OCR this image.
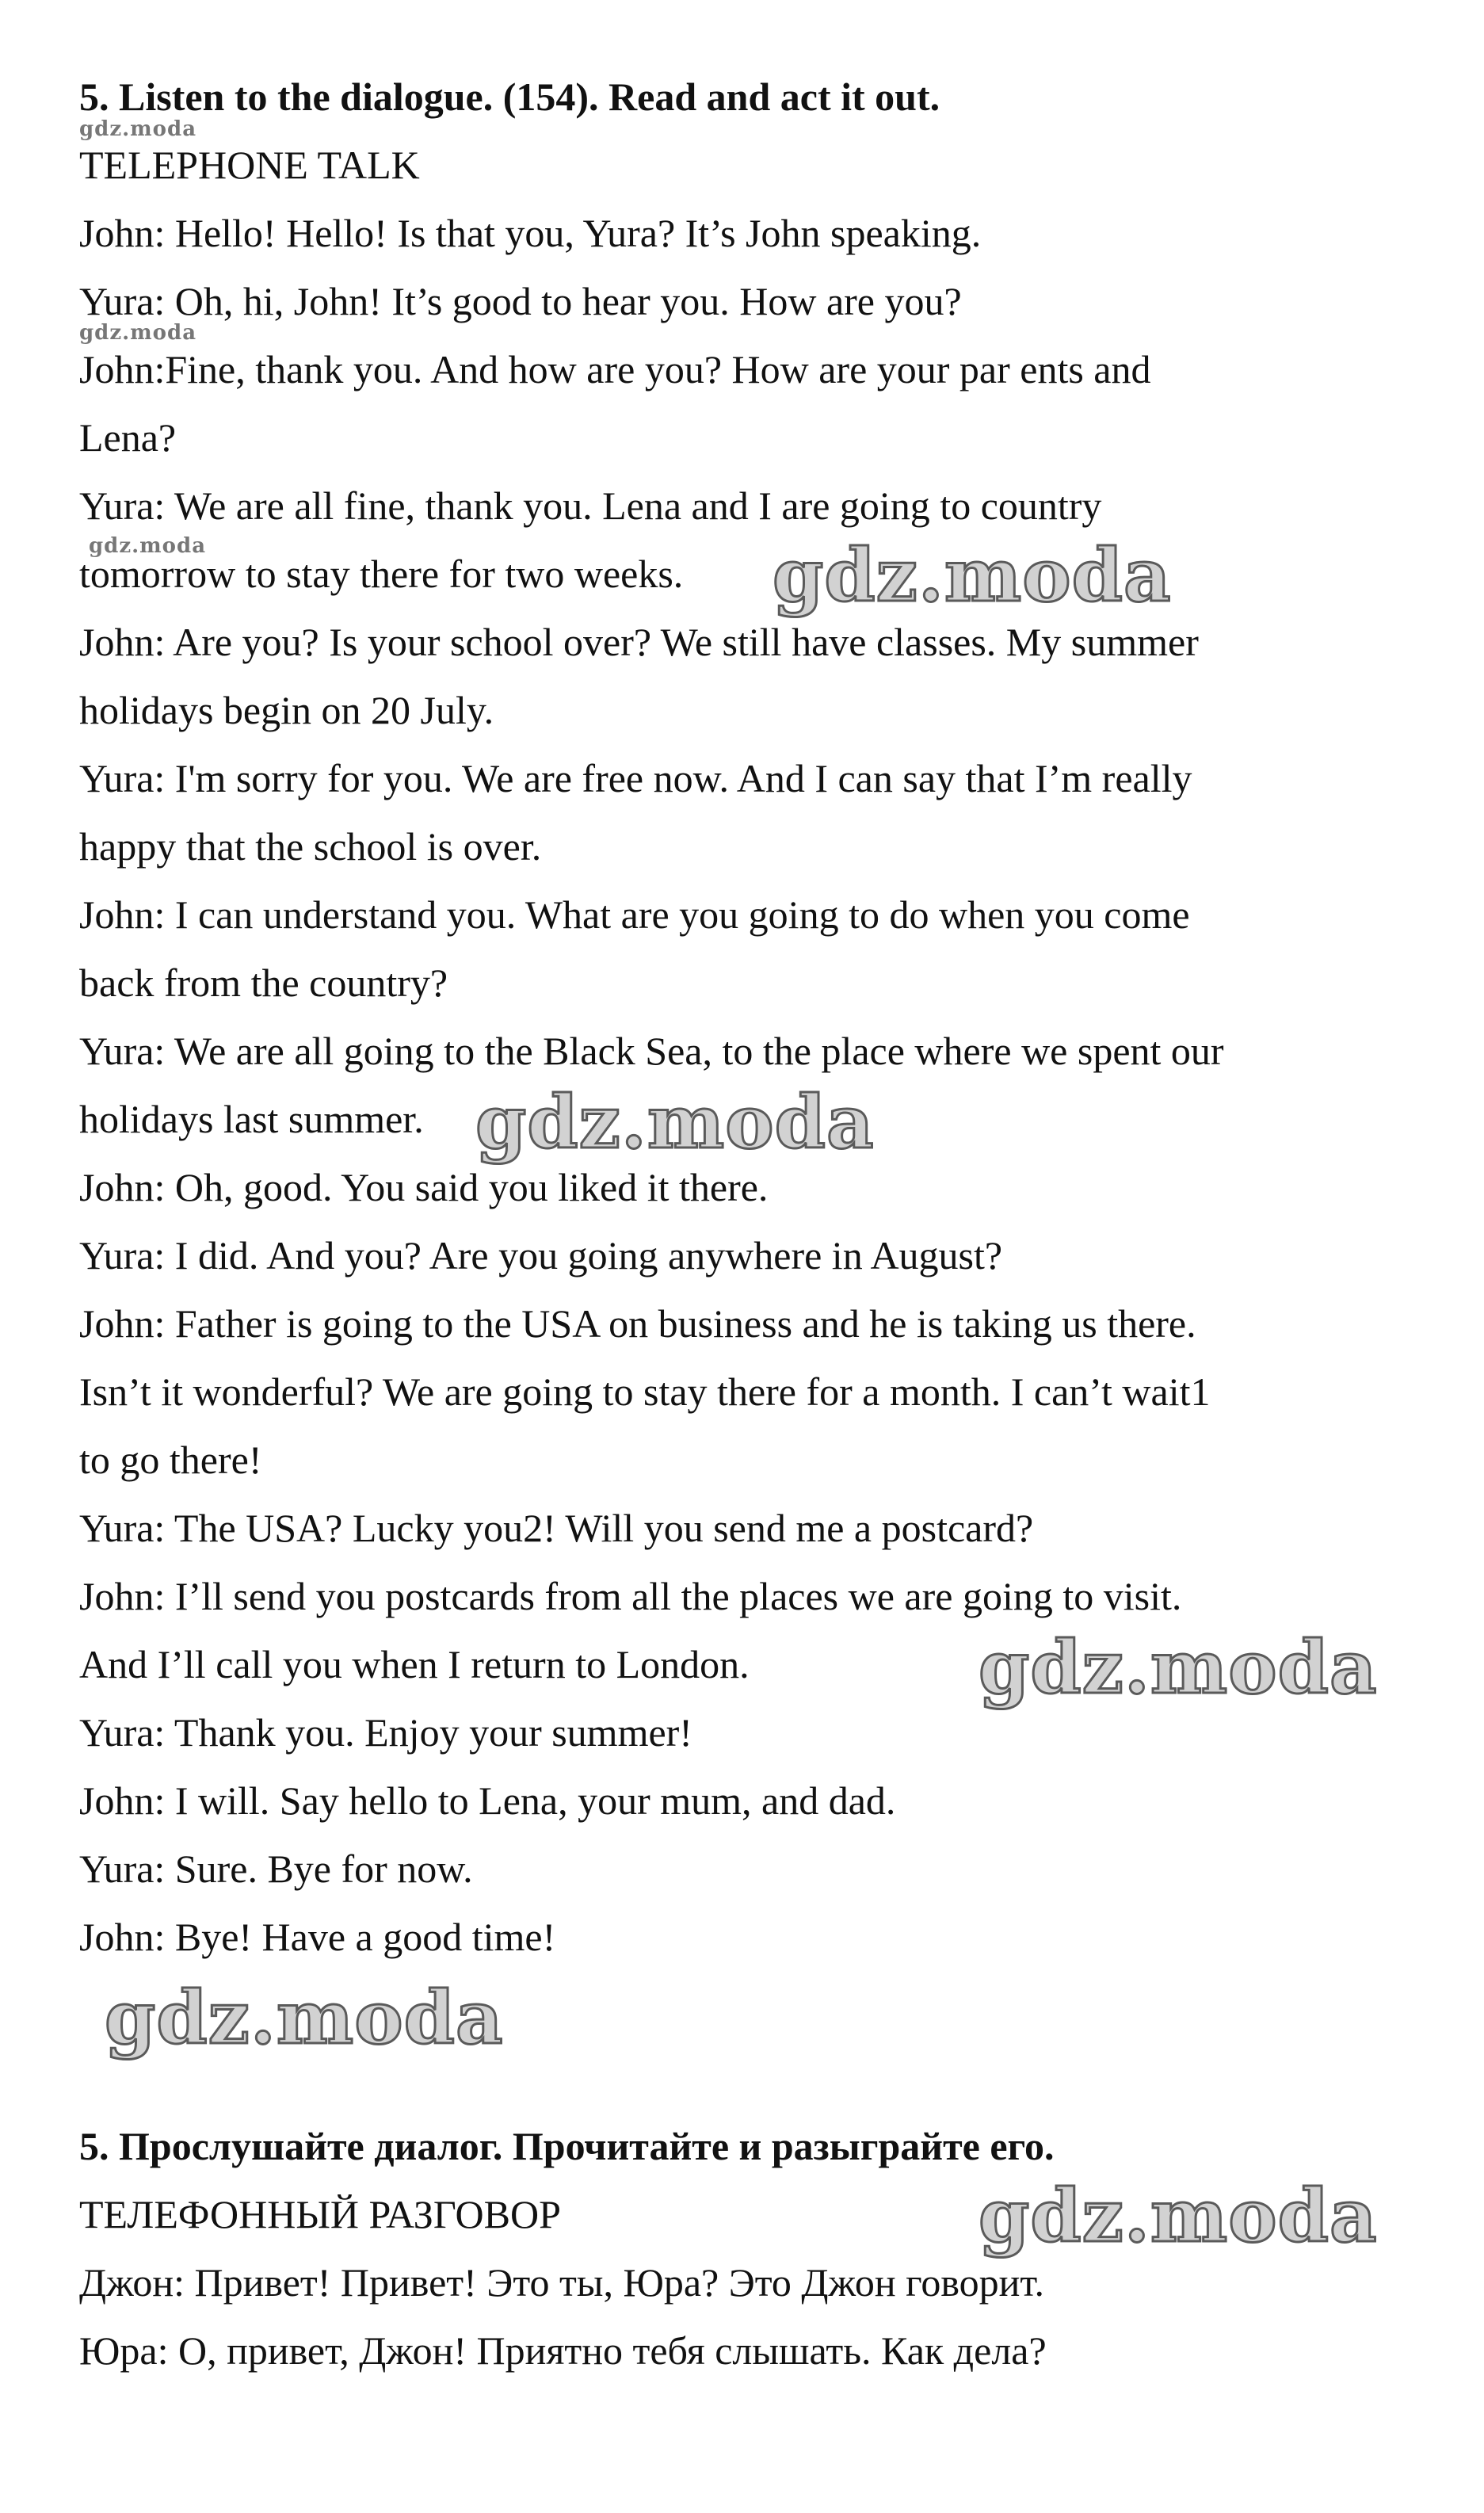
5. Listen to the dialogue. (154). Read and act it out.
TELEPHONE TALK
John: Hello! Hello! Is that you, Yura? It’s John speaking.
Yura: Oh, hi, John! It’s good to hear you. How are you?
John:Fine, thank you. And how are you? How are your par ents and
Lena?
Yura: We are all fine, thank you. Lena and I are going to country
tomorrow to stay there for two weeks.
John: Are you? Is your school over? We still have classes. My summer
holidays begin on 20 July.
Yura: I'm sorry for you. We are free now. And I can say that I’m really
happy that the school is over.
John: I can understand you. What are you going to do when you come
back from the country?
Yura: We are all going to the Black Sea, to the place where we spent our
holidays last summer.
John: Oh, good. You said you liked it there.
Yura: I did. And you? Are you going anywhere in August?
John: Father is going to the USA on business and he is taking us there.
Isn’t it wonderful? We are going to stay there for a month. I can’t wait1
to go there!
Yura: The USA? Lucky you2! Will you send me a postcard?
John: I’ll send you postcards from all the places we are going to visit.
And I’ll call you when I return to London.
Yura: Thank you. Enjoy your summer!
John: I will. Say hello to Lena, your mum, and dad.
Yura: Sure. Bye for now.
John: Bye! Have a good time!
5. Прослушайте диалог. Прочитайте и разыграйте его.
ТЕЛЕФОННЫЙ РАЗГОВОР
Джон: Привет! Привет! Это ты, Юра? Это Джон говорит.
Юра: О, привет, Джон! Приятно тебя слышать. Как дела?
gdz.moda
gdz.moda
gdz.moda	gdz.moda
gdz.moda
gdz.moda
gdz.moda
gdz.moda
